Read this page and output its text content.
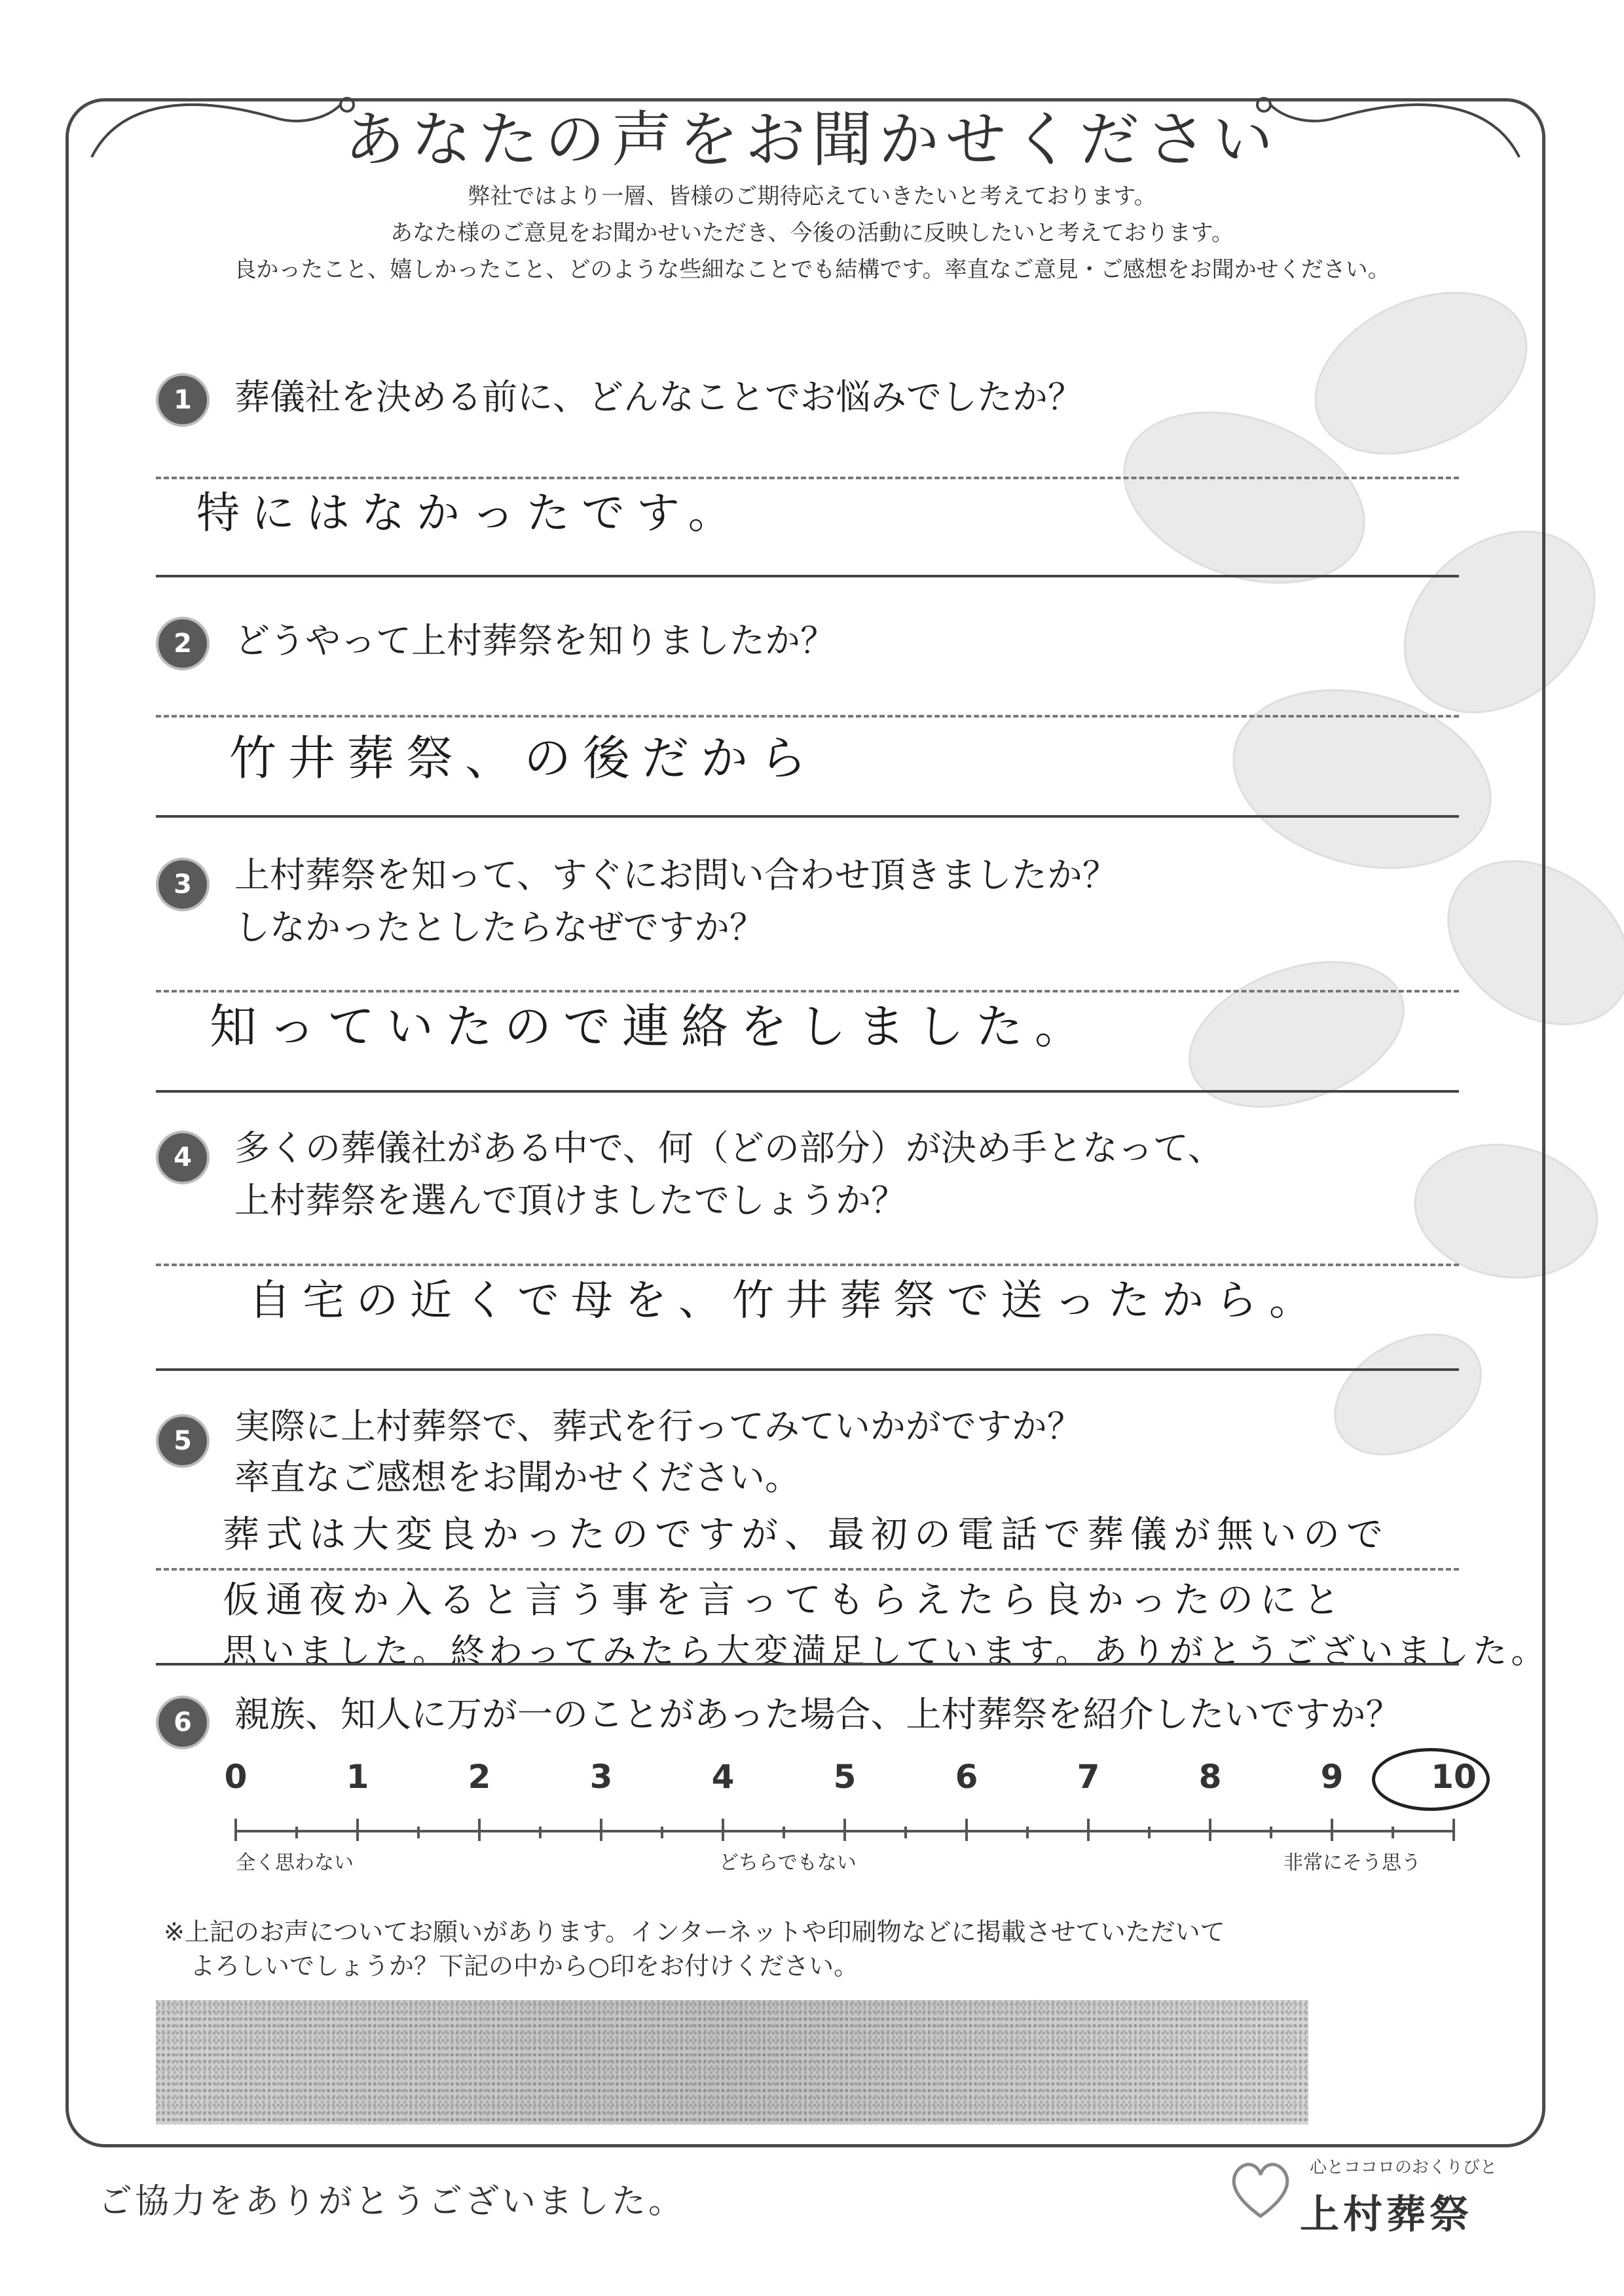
あなたの声をお聞かせください
弊社ではより一層、皆様のご期待応えていきたいと考えております。
あなた様のご意見をお聞かせいただき、今後の活動に反映したいと考えております。
良かったこと、嬉しかったこと、どのような些細なことでも結構です。率直なご意見・ご感想をお聞かせください。
1	葬儀社を決める前に、どんなことでお悩みでしたか？
特にはなかったです。
2	どうやって上村葬祭を知りましたか？
竹井葬祭、の後だから
3	上村葬祭を知って、すぐにお問い合わせ頂きましたか？
しなかったとしたらなぜですか？
知っていたので連絡をしました。
4	多くの葬儀社がある中で、何（どの部分）が決め手となって、
上村葬祭を選んで頂けましたでしょうか？
自宅の近くで母を、竹井葬祭で送ったから。
5	実際に上村葬祭で、葬式を行ってみていかがですか？
率直なご感想をお聞かせください。
葬式は大変良かったのですが、最初の電話で葬儀が無いので
仮通夜か入ると言う事を言ってもらえたら良かったのにと
思いました。終わってみたら大変満足しています。ありがとうございました。
6	親族、知人に万が一のことがあった場合、上村葬祭を紹介したいですか？
0	1	2	3	4	5	6	7	8	9	10
全く思わない	どちらでもない	非常にそう思う
※上記のお声についてお願いがあります。インターネットや印刷物などに掲載させていただいて
よろしいでしょうか？下記の中から○印をお付けください。
ご協力をありがとうございました。
心とココロのおくりびと
上村葬祭
